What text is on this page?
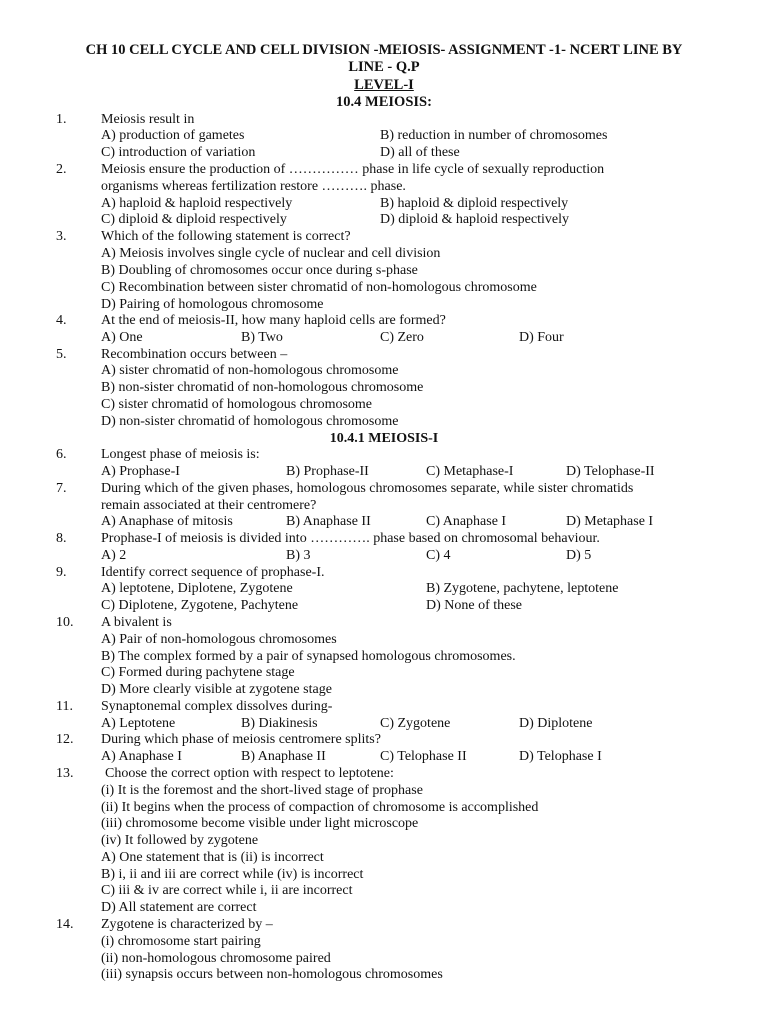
CH 10 CELL CYCLE AND CELL DIVISION -MEIOSIS- ASSIGNMENT -1- NCERT LINE BY
LINE - Q.P
LEVEL-I
10.4 MEIOSIS:
1. Meiosis result in
A) production of gametes	B) reduction in number of chromosomes
C) introduction of variation	D) all of these
2. Meiosis ensure the production of …………… phase in life cycle of sexually reproduction
organisms whereas fertilization restore ………. phase.
A) haploid & haploid respectively	B) haploid & diploid respectively
C) diploid & diploid respectively	D) diploid & haploid respectively
3. Which of the following statement is correct?
A) Meiosis involves single cycle of nuclear and cell division
B) Doubling of chromosomes occur once during s-phase
C) Recombination between sister chromatid of non-homologous chromosome
D) Pairing of homologous chromosome
4. At the end of meiosis-II, how many haploid cells are formed?
A) One	B) Two	C) Zero	D) Four
5. Recombination occurs between –
A) sister chromatid of non-homologous chromosome
B) non-sister chromatid of non-homologous chromosome
C) sister chromatid of homologous chromosome
D) non-sister chromatid of homologous chromosome
10.4.1 MEIOSIS-I
6. Longest phase of meiosis is:
A) Prophase-I	B) Prophase-II	C) Metaphase-I	D) Telophase-II
7. During which of the given phases, homologous chromosomes separate, while sister chromatids
remain associated at their centromere?
A) Anaphase of mitosis	B) Anaphase II	C) Anaphase I	D) Metaphase I
8. Prophase-I of meiosis is divided into …………. phase based on chromosomal behaviour.
A) 2	B) 3	C) 4	D) 5
9. Identify correct sequence of prophase-I.
A) leptotene, Diplotene, Zygotene	B) Zygotene, pachytene, leptotene
C) Diplotene, Zygotene, Pachytene	D) None of these
10. A bivalent is
A) Pair of non-homologous chromosomes
B) The complex formed by a pair of synapsed homologous chromosomes.
C) Formed during pachytene stage
D) More clearly visible at zygotene stage
11. Synaptonemal complex dissolves during-
A) Leptotene	B) Diakinesis	C) Zygotene	D) Diplotene
12. During which phase of meiosis centromere splits?
A) Anaphase I	B) Anaphase II	C) Telophase II	D) Telophase I
13. Choose the correct option with respect to leptotene:
(i) It is the foremost and the short-lived stage of prophase
(ii) It begins when the process of compaction of chromosome is accomplished
(iii) chromosome become visible under light microscope
(iv) It followed by zygotene
A) One statement that is (ii) is incorrect
B) i, ii and iii are correct while (iv) is incorrect
C) iii & iv are correct while i, ii are incorrect
D) All statement are correct
14. Zygotene is characterized by –
(i) chromosome start pairing
(ii) non-homologous chromosome paired
(iii) synapsis occurs between non-homologous chromosomes
